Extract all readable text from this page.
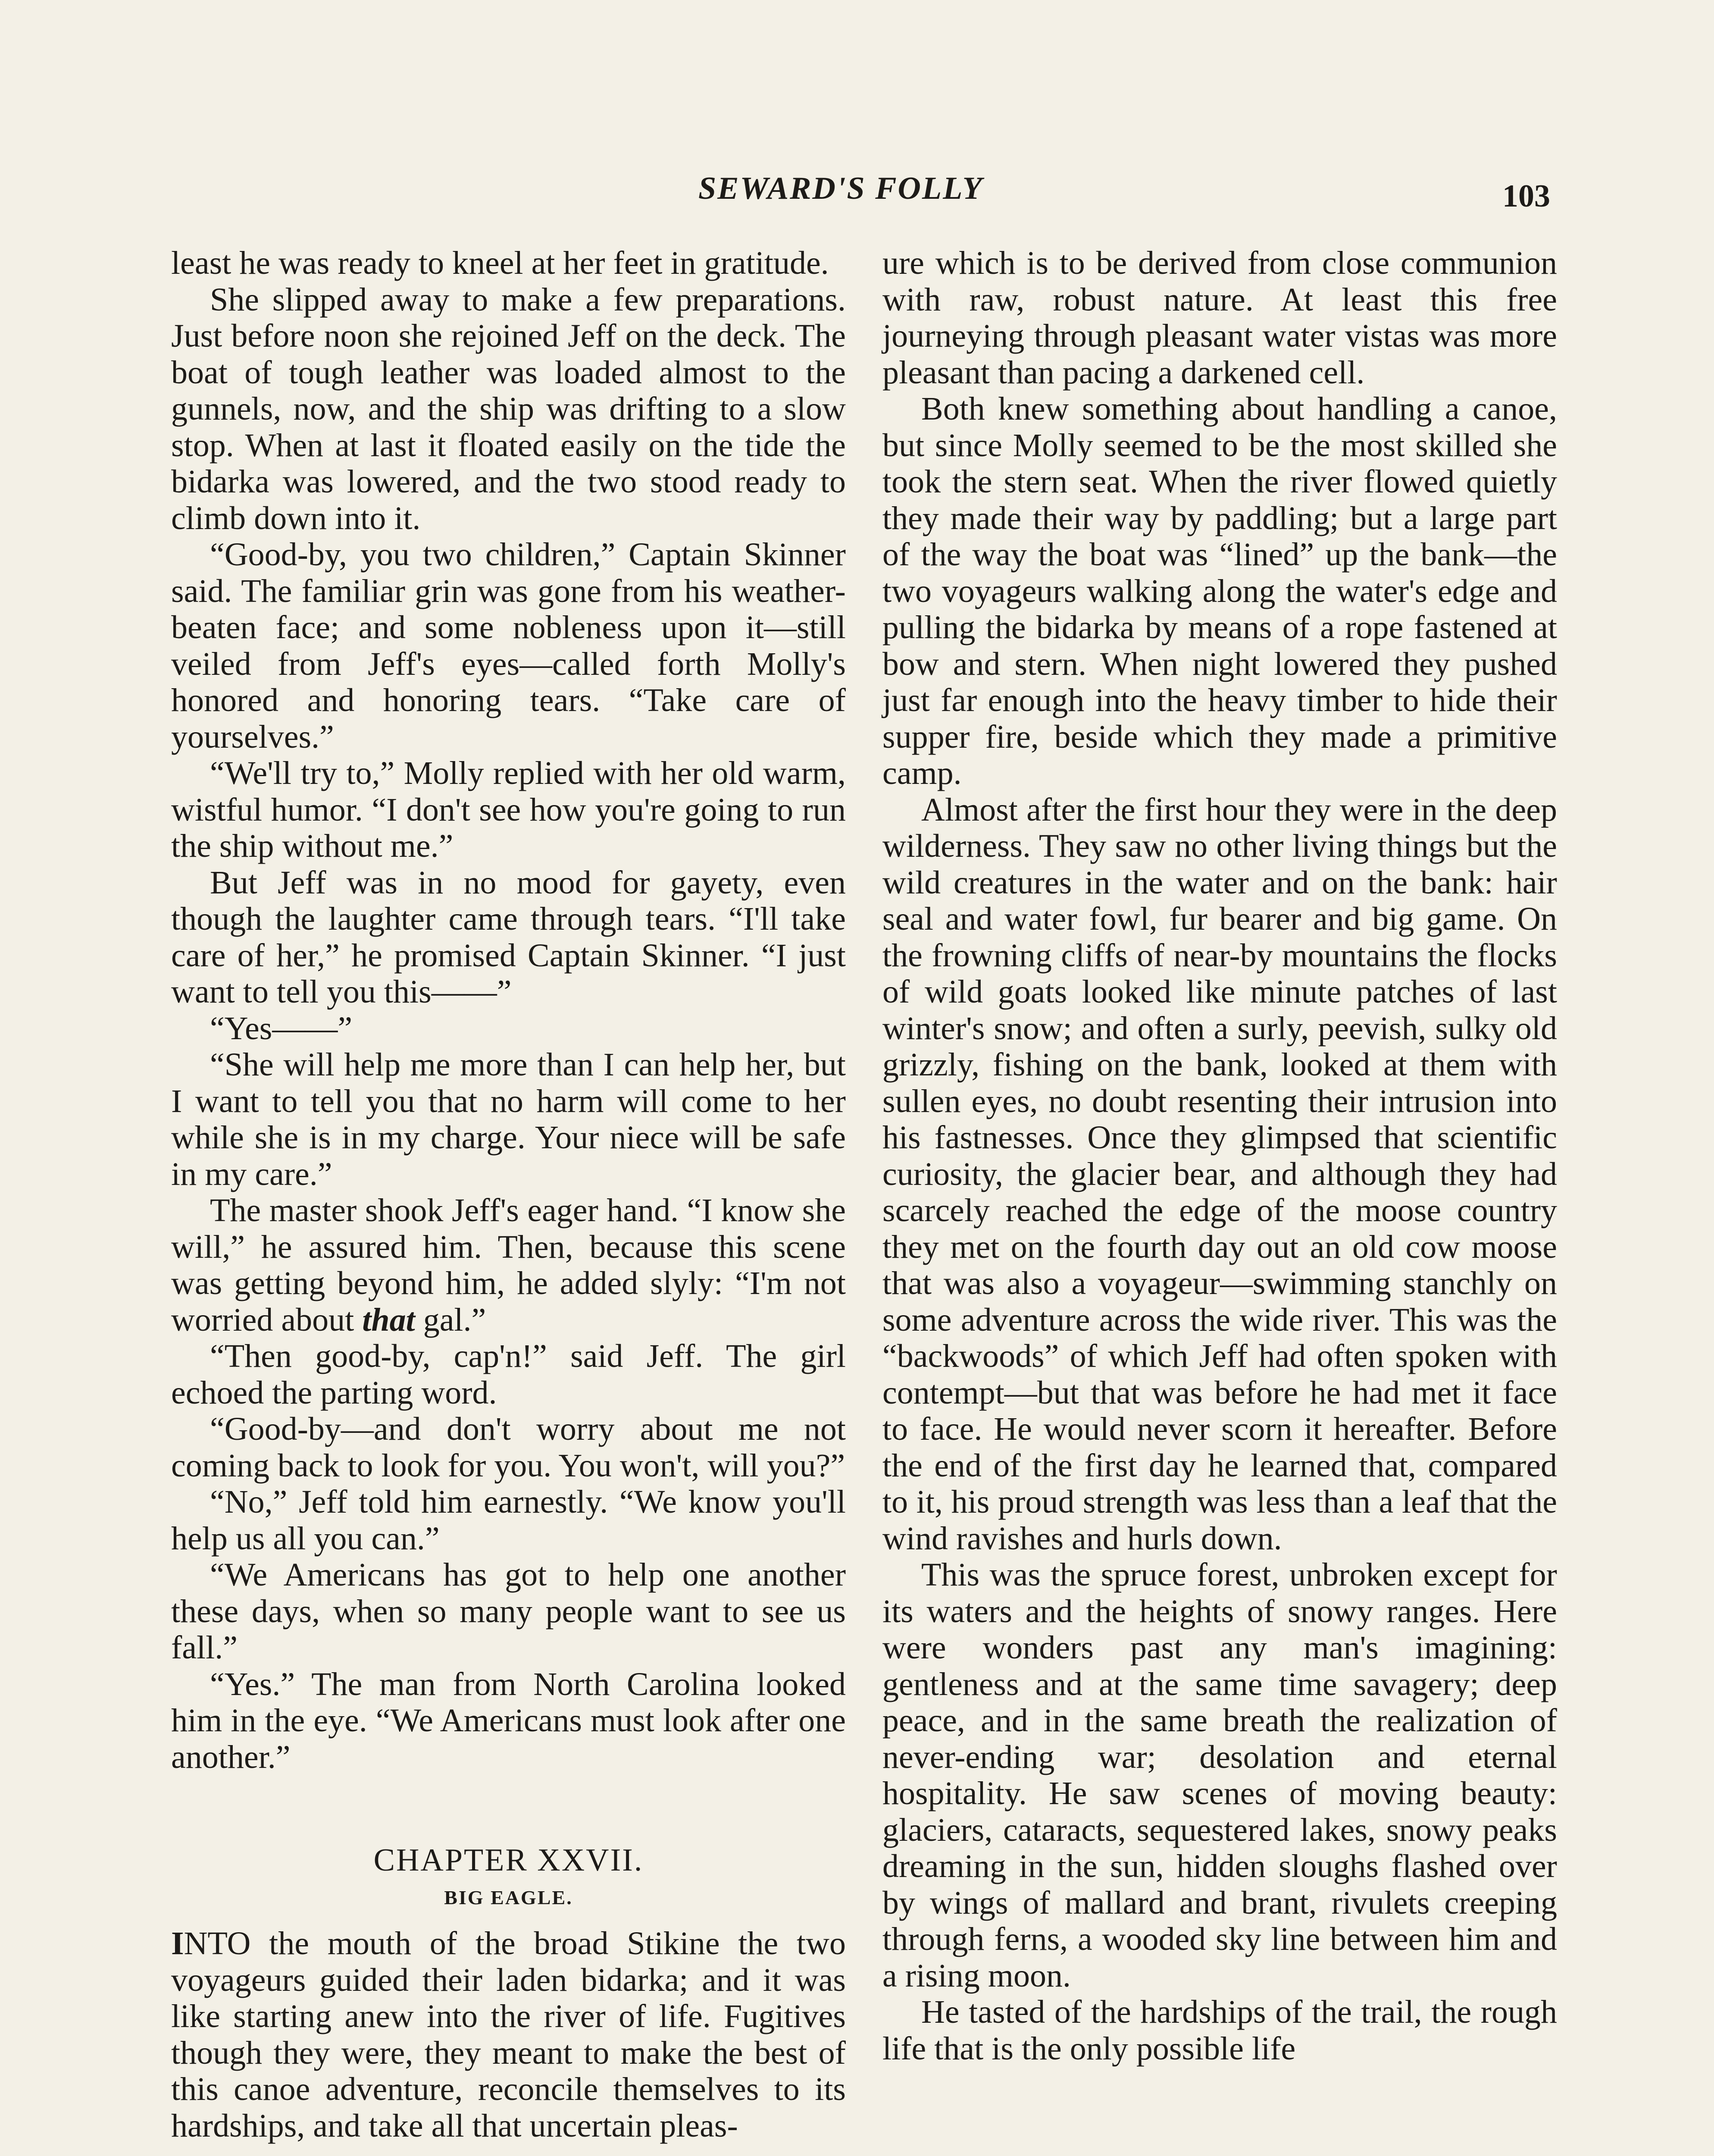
SEWARD'S FOLLY	103

least he was ready to kneel at her feet in gratitude.

She slipped away to make a few preparations. Just before noon she rejoined Jeff on the deck. The boat of tough leather was loaded almost to the gunnels, now, and the ship was drifting to a slow stop. When at last it floated easily on the tide the bidarka was lowered, and the two stood ready to climb down into it.

“Good-by, you two children,” Captain Skinner said. The familiar grin was gone from his weather-beaten face; and some nobleness upon it—still veiled from Jeff's eyes—called forth Molly's honored and honoring tears. “Take care of yourselves.”

“We'll try to,” Molly replied with her old warm, wistful humor. “I don't see how you're going to run the ship without me.”

But Jeff was in no mood for gayety, even though the laughter came through tears. “I'll take care of her,” he promised Captain Skinner. “I just want to tell you this——”

“Yes——”

“She will help me more than I can help her, but I want to tell you that no harm will come to her while she is in my charge. Your niece will be safe in my care.”

The master shook Jeff's eager hand. “I know she will,” he assured him. Then, because this scene was getting beyond him, he added slyly: “I'm not worried about that gal.”

“Then good-by, cap'n!” said Jeff. The girl echoed the parting word.

“Good-by—and don't worry about me not coming back to look for you. You won't, will you?”

“No,” Jeff told him earnestly. “We know you'll help us all you can.”

“We Americans has got to help one another these days, when so many people want to see us fall.”

“Yes.” The man from North Carolina looked him in the eye. “We Americans must look after one another.”

CHAPTER XXVII.
BIG EAGLE.

INTO the mouth of the broad Stikine the two voyageurs guided their laden bidarka; and it was like starting anew into the river of life. Fugitives though they were, they meant to make the best of this canoe adventure, reconcile themselves to its hardships, and take all that uncertain pleas-

ure which is to be derived from close communion with raw, robust nature. At least this free journeying through pleasant water vistas was more pleasant than pacing a darkened cell.

Both knew something about handling a canoe, but since Molly seemed to be the most skilled she took the stern seat. When the river flowed quietly they made their way by paddling; but a large part of the way the boat was “lined” up the bank—the two voyageurs walking along the water's edge and pulling the bidarka by means of a rope fastened at bow and stern. When night lowered they pushed just far enough into the heavy timber to hide their supper fire, beside which they made a primitive camp.

Almost after the first hour they were in the deep wilderness. They saw no other living things but the wild creatures in the water and on the bank: hair seal and water fowl, fur bearer and big game. On the frowning cliffs of near-by mountains the flocks of wild goats looked like minute patches of last winter's snow; and often a surly, peevish, sulky old grizzly, fishing on the bank, looked at them with sullen eyes, no doubt resenting their intrusion into his fastnesses. Once they glimpsed that scientific curiosity, the glacier bear, and although they had scarcely reached the edge of the moose country they met on the fourth day out an old cow moose that was also a voyageur—swimming stanchly on some adventure across the wide river. This was the “backwoods” of which Jeff had often spoken with contempt—but that was before he had met it face to face. He would never scorn it hereafter. Before the end of the first day he learned that, compared to it, his proud strength was less than a leaf that the wind ravishes and hurls down.

This was the spruce forest, unbroken except for its waters and the heights of snowy ranges. Here were wonders past any man's imagining: gentleness and at the same time savagery; deep peace, and in the same breath the realization of never-ending war; desolation and eternal hospitality. He saw scenes of moving beauty: glaciers, cataracts, sequestered lakes, snowy peaks dreaming in the sun, hidden sloughs flashed over by wings of mallard and brant, rivulets creeping through ferns, a wooded sky line between him and a rising moon.

He tasted of the hardships of the trail, the rough life that is the only possible life
